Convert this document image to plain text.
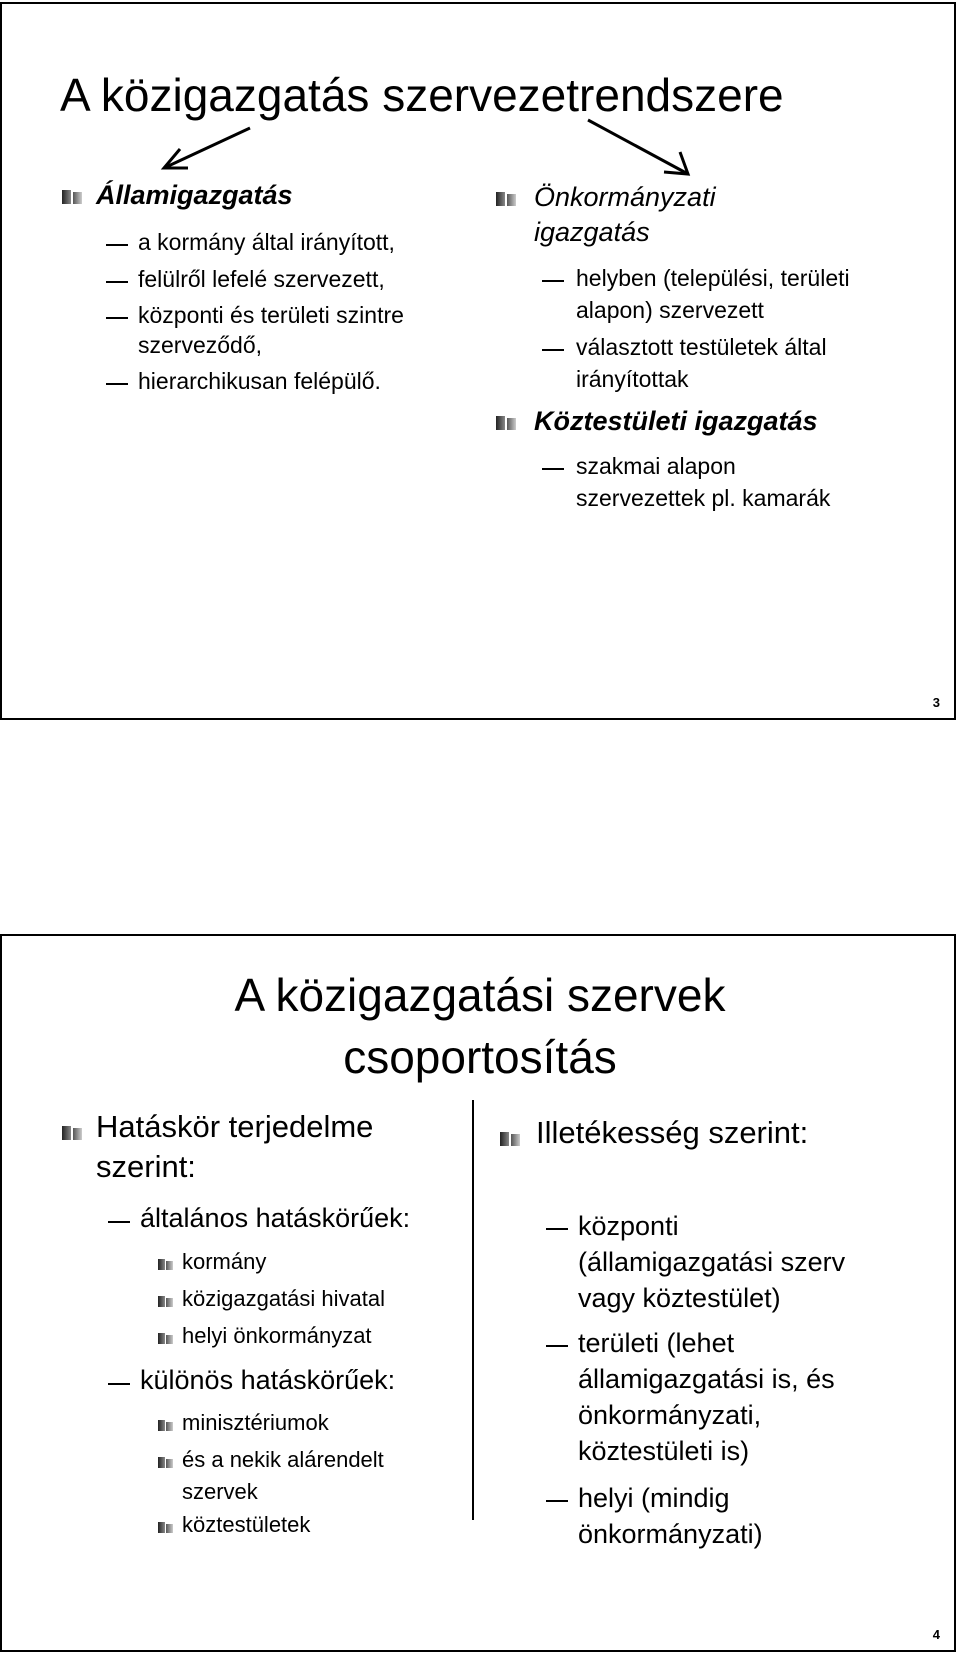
A közigazgatás szervezetrendszere
Államigazgatás
a kormány által irányított,
felülről lefelé szervezett,
központi és területi szintre
szerveződő,
hierarchikusan felépülő.
Önkormányzati
igazgatás
helyben (települési, területi
alapon) szervezett
választott testületek által
irányítottak
Köztestületi igazgatás
szakmai alapon
szervezettek pl. kamarák
3
A közigazgatási szervek
csoportosítás
Hatáskör terjedelme
szerint:
általános hatáskörűek:
kormány
közigazgatási hivatal
helyi önkormányzat
különös hatáskörűek:
minisztériumok
és a nekik alárendelt
szervek
köztestületek
Illetékesség szerint:
központi
(államigazgatási szerv
vagy köztestület)
területi (lehet
államigazgatási is, és
önkormányzati,
köztestületi is)
helyi (mindig
önkormányzati)
4
